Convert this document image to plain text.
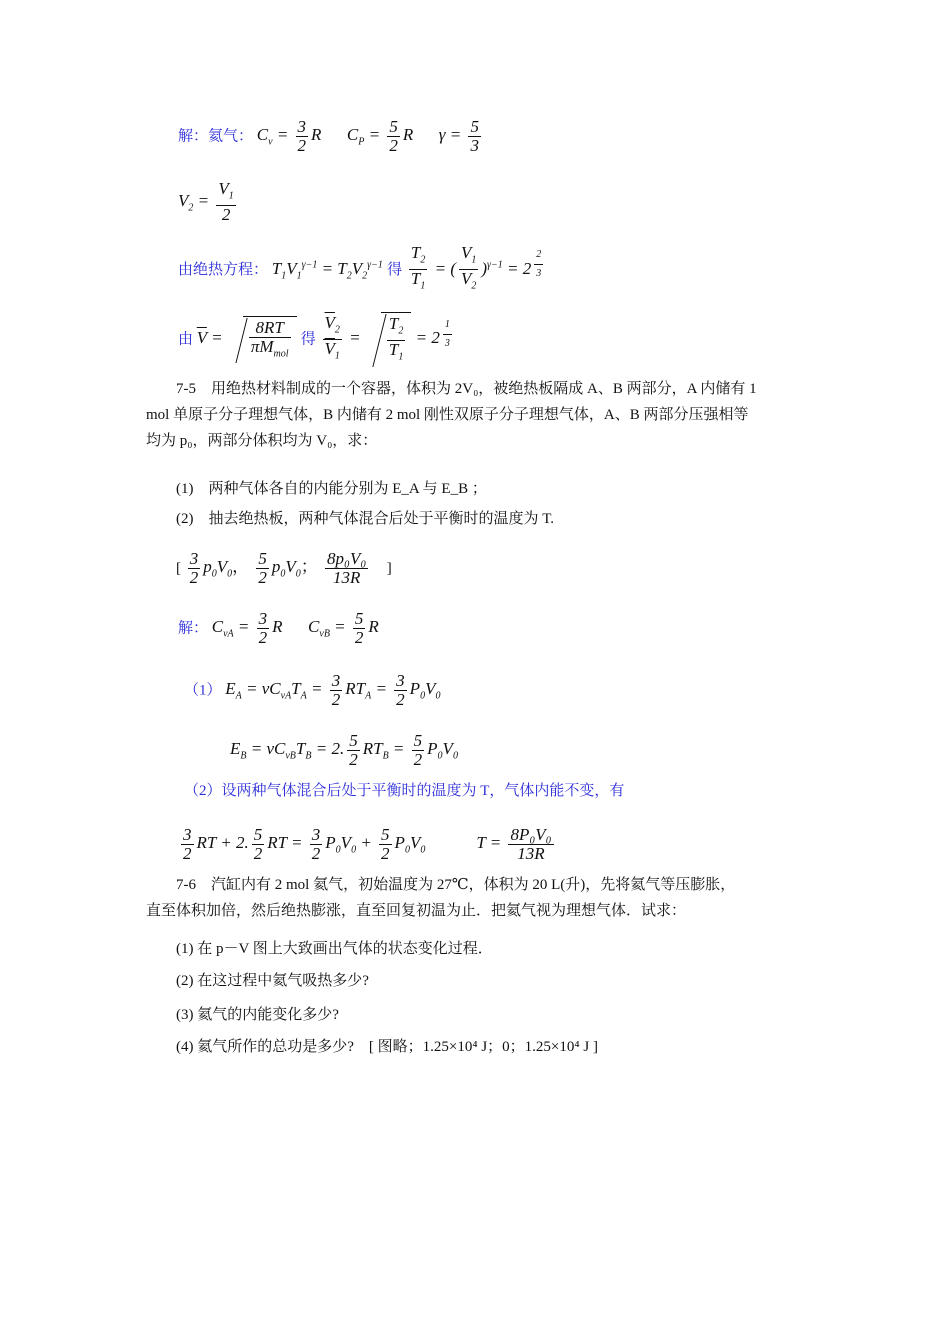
解：氦气： $C_v = \frac{3}{2}$ R      $C_P = \frac{5}{2}$ R      $\gamma = \frac{5}{3}$
$V_2 = \frac{V_1}{2}$
由绝热方程： $T_1V_1^{\gamma-1} = T_2V_2^{\gamma-1}$ 得 $\frac{T_2}{T_1}$ = ( $\frac{V_1}{V_2} )^{\gamma-1} = 2$ $^{\frac{2}{3}}$
由 $\overline{V} = \frac{8RT}{\pi M_{mol}}$ 得 $\frac{\overline{V}_2}{\overline{V}_1} = \frac{T_2}{T_1} = 2$ $^{\frac{1}{3}}$
7-5　用绝热材料制成的一个容器，体积为 2V₀，被绝热板隔成 A、B 两部分，A 内储有 1
mol 单原子分子理想气体，B 内储有 2 mol 刚性双原子分子理想气体，A、B 两部分压强相等
均为 p₀，两部分体积均为 V₀，求：
(1)　两种气体各自的内能分别为 E_A 与 E_B ；
(2)　抽去绝热板，两种气体混合后处于平衡时的温度为 T.
[ $\frac{3}{2} p_0V_0$， $\frac{5}{2} p_0V_0$； $\frac{\text{8p₀V₀}}{13R}$ ]
解： $C_{vA} = \frac{3}{2}$ R      $C_{vB} = \frac{5}{2}$ R
（1） $E_A = \nu C_{vA}T_A = \frac{3}{2} RT_A = \frac{3}{2} P_0V_0$
$E_B = \nu C_{vB}T_B = 2$. $\frac{5}{2} RT_B = \frac{5}{2} P_0V_0$
（2）设两种气体混合后处于平衡时的温度为 T，气体内能不变，有
$\frac{3}{2}$ RT + 2. $\frac{5}{2}$ RT = $\frac{3}{2} P_0V_0 + \frac{5}{2} P_0V_0$            $T = \frac{\text{8P₀V₀}}{13R}$
7-6　汽缸内有 2 mol 氦气，初始温度为 27℃，体积为 20 L(升)，先将氦气等压膨胀，
直至体积加倍，然后绝热膨涨，直至回复初温为止．把氦气视为理想气体．试求：
(1) 在 p－V 图上大致画出气体的状态变化过程．
(2) 在这过程中氦气吸热多少?
(3) 氦气的内能变化多少?
(4) 氦气所作的总功是多少?　[ 图略；1.25×10⁴ J；0；1.25×10⁴ J ]
